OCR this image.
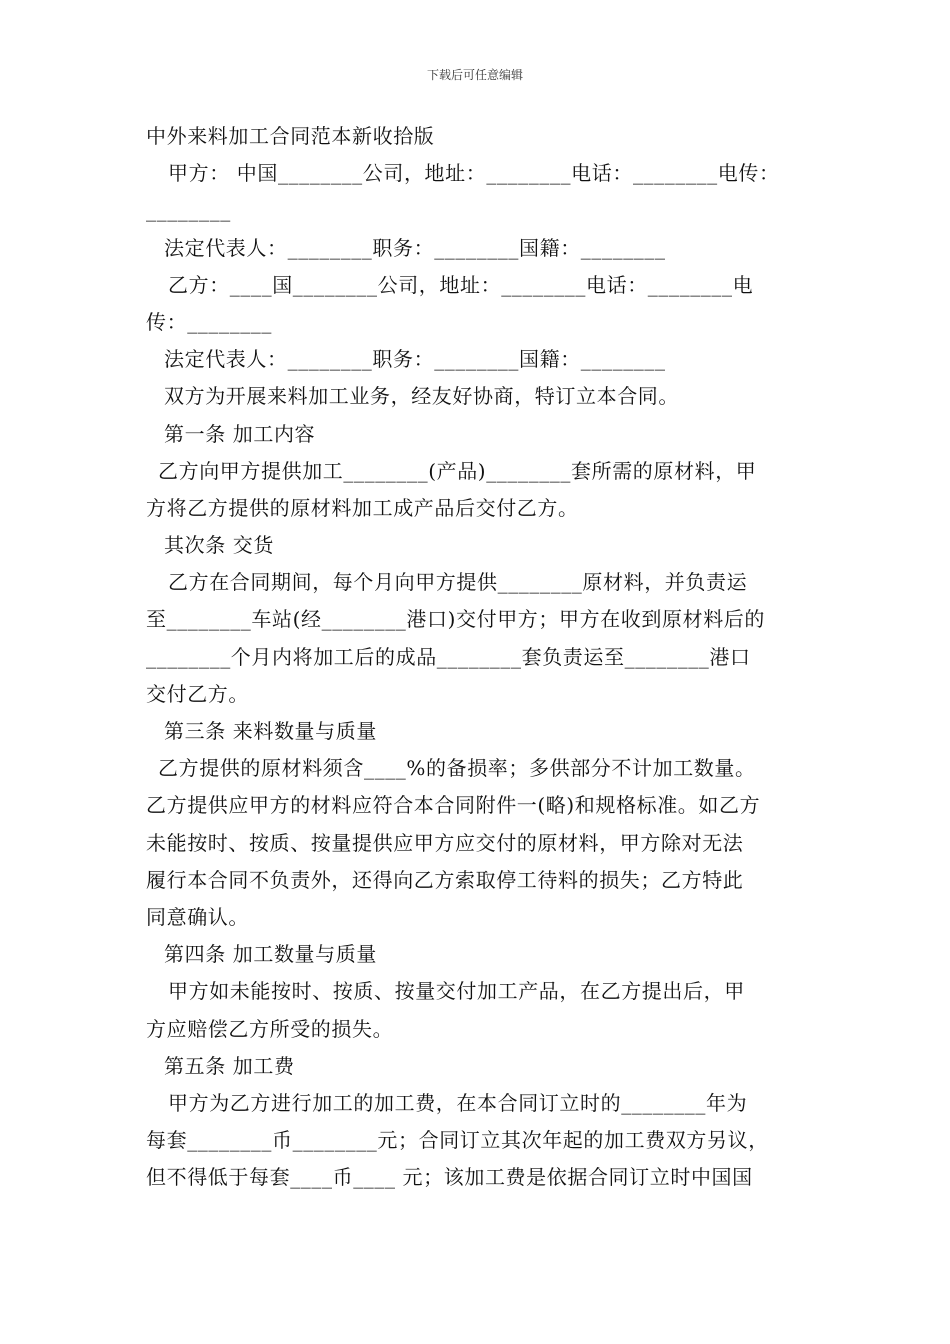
下载后可任意编辑
中外来料加工合同范本新收拾版
甲方： 中国________公司，地址：________电话：________电传：
________
法定代表人：________职务：________国籍：________
乙方：____国________公司，地址：________电话：________电
传：________
法定代表人：________职务：________国籍：________
双方为开展来料加工业务，经友好协商，特订立本合同。
第一条 加工内容
乙方向甲方提供加工________(产品)________套所需的原材料，甲
方将乙方提供的原材料加工成产品后交付乙方。
其次条 交货
乙方在合同期间，每个月向甲方提供________原材料，并负责运
至________车站(经________港口)交付甲方；甲方在收到原材料后的
________个月内将加工后的成品________套负责运至________港口
交付乙方。
第三条 来料数量与质量
乙方提供的原材料须含____%的备损率；多供部分不计加工数量。
乙方提供应甲方的材料应符合本合同附件一(略)和规格标准。如乙方
未能按时、按质、按量提供应甲方应交付的原材料，甲方除对无法
履行本合同不负责外，还得向乙方索取停工待料的损失；乙方特此
同意确认。
第四条 加工数量与质量
甲方如未能按时、按质、按量交付加工产品，在乙方提出后，甲
方应赔偿乙方所受的损失。
第五条 加工费
甲方为乙方进行加工的加工费，在本合同订立时的________年为
每套________币________元；合同订立其次年起的加工费双方另议，
但不得低于每套____币____ 元；该加工费是依据合同订立时中国国
